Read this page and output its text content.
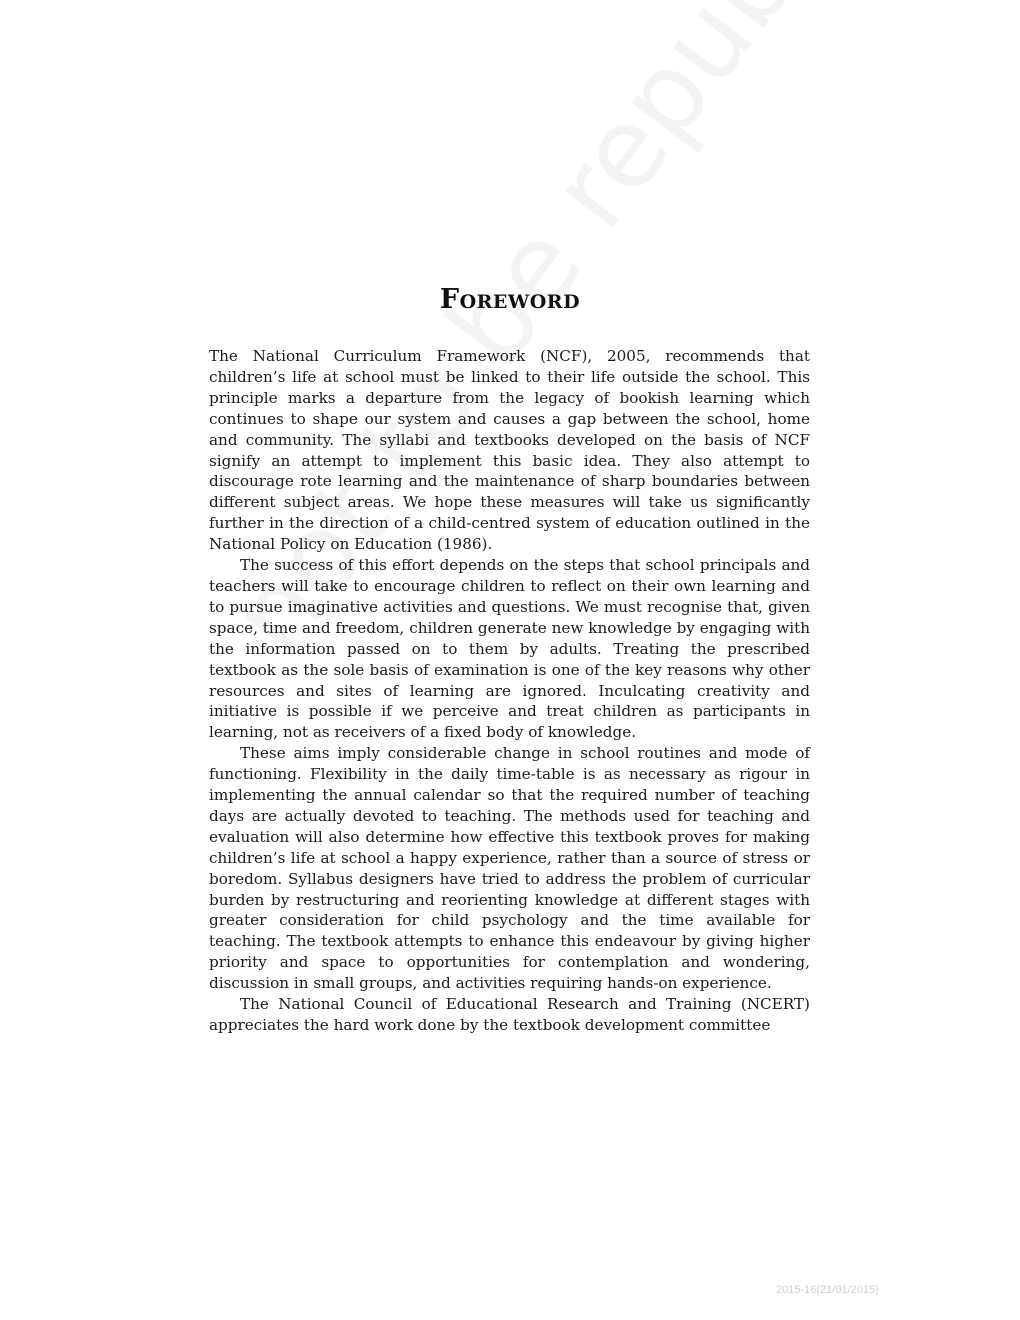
Foreword

The National Curriculum Framework (NCF), 2005, recommends that children’s life at school must be linked to their life outside the school. This principle marks a departure from the legacy of bookish learning which continues to shape our system and causes a gap between the school, home and community. The syllabi and textbooks developed on the basis of NCF signify an attempt to implement this basic idea. They also attempt to discourage rote learning and the maintenance of sharp boundaries between different subject areas. We hope these measures will take us significantly further in the direction of a child-centred system of education outlined in the National Policy on Education (1986).

The success of this effort depends on the steps that school principals and teachers will take to encourage children to reflect on their own learning and to pursue imaginative activities and questions. We must recognise that, given space, time and freedom, children generate new knowledge by engaging with the information passed on to them by adults. Treating the prescribed textbook as the sole basis of examination is one of the key reasons why other resources and sites of learning are ignored. Inculcating creativity and initiative is possible if we perceive and treat children as participants in learning, not as receivers of a fixed body of knowledge.

These aims imply considerable change in school routines and mode of functioning. Flexibility in the daily time-table is as necessary as rigour in implementing the annual calendar so that the required number of teaching days are actually devoted to teaching. The methods used for teaching and evaluation will also determine how effective this textbook proves for making children’s life at school a happy experience, rather than a source of stress or boredom. Syllabus designers have tried to address the problem of curricular burden by restructuring and reorienting knowledge at different stages with greater consideration for child psychology and the time available for teaching. The textbook attempts to enhance this endeavour by giving higher priority and space to opportunities for contemplation and wondering, discussion in small groups, and activities requiring hands-on experience.

The National Council of Educational Research and Training (NCERT) appreciates the hard work done by the textbook development committee

2015-16(21/01/2015)
